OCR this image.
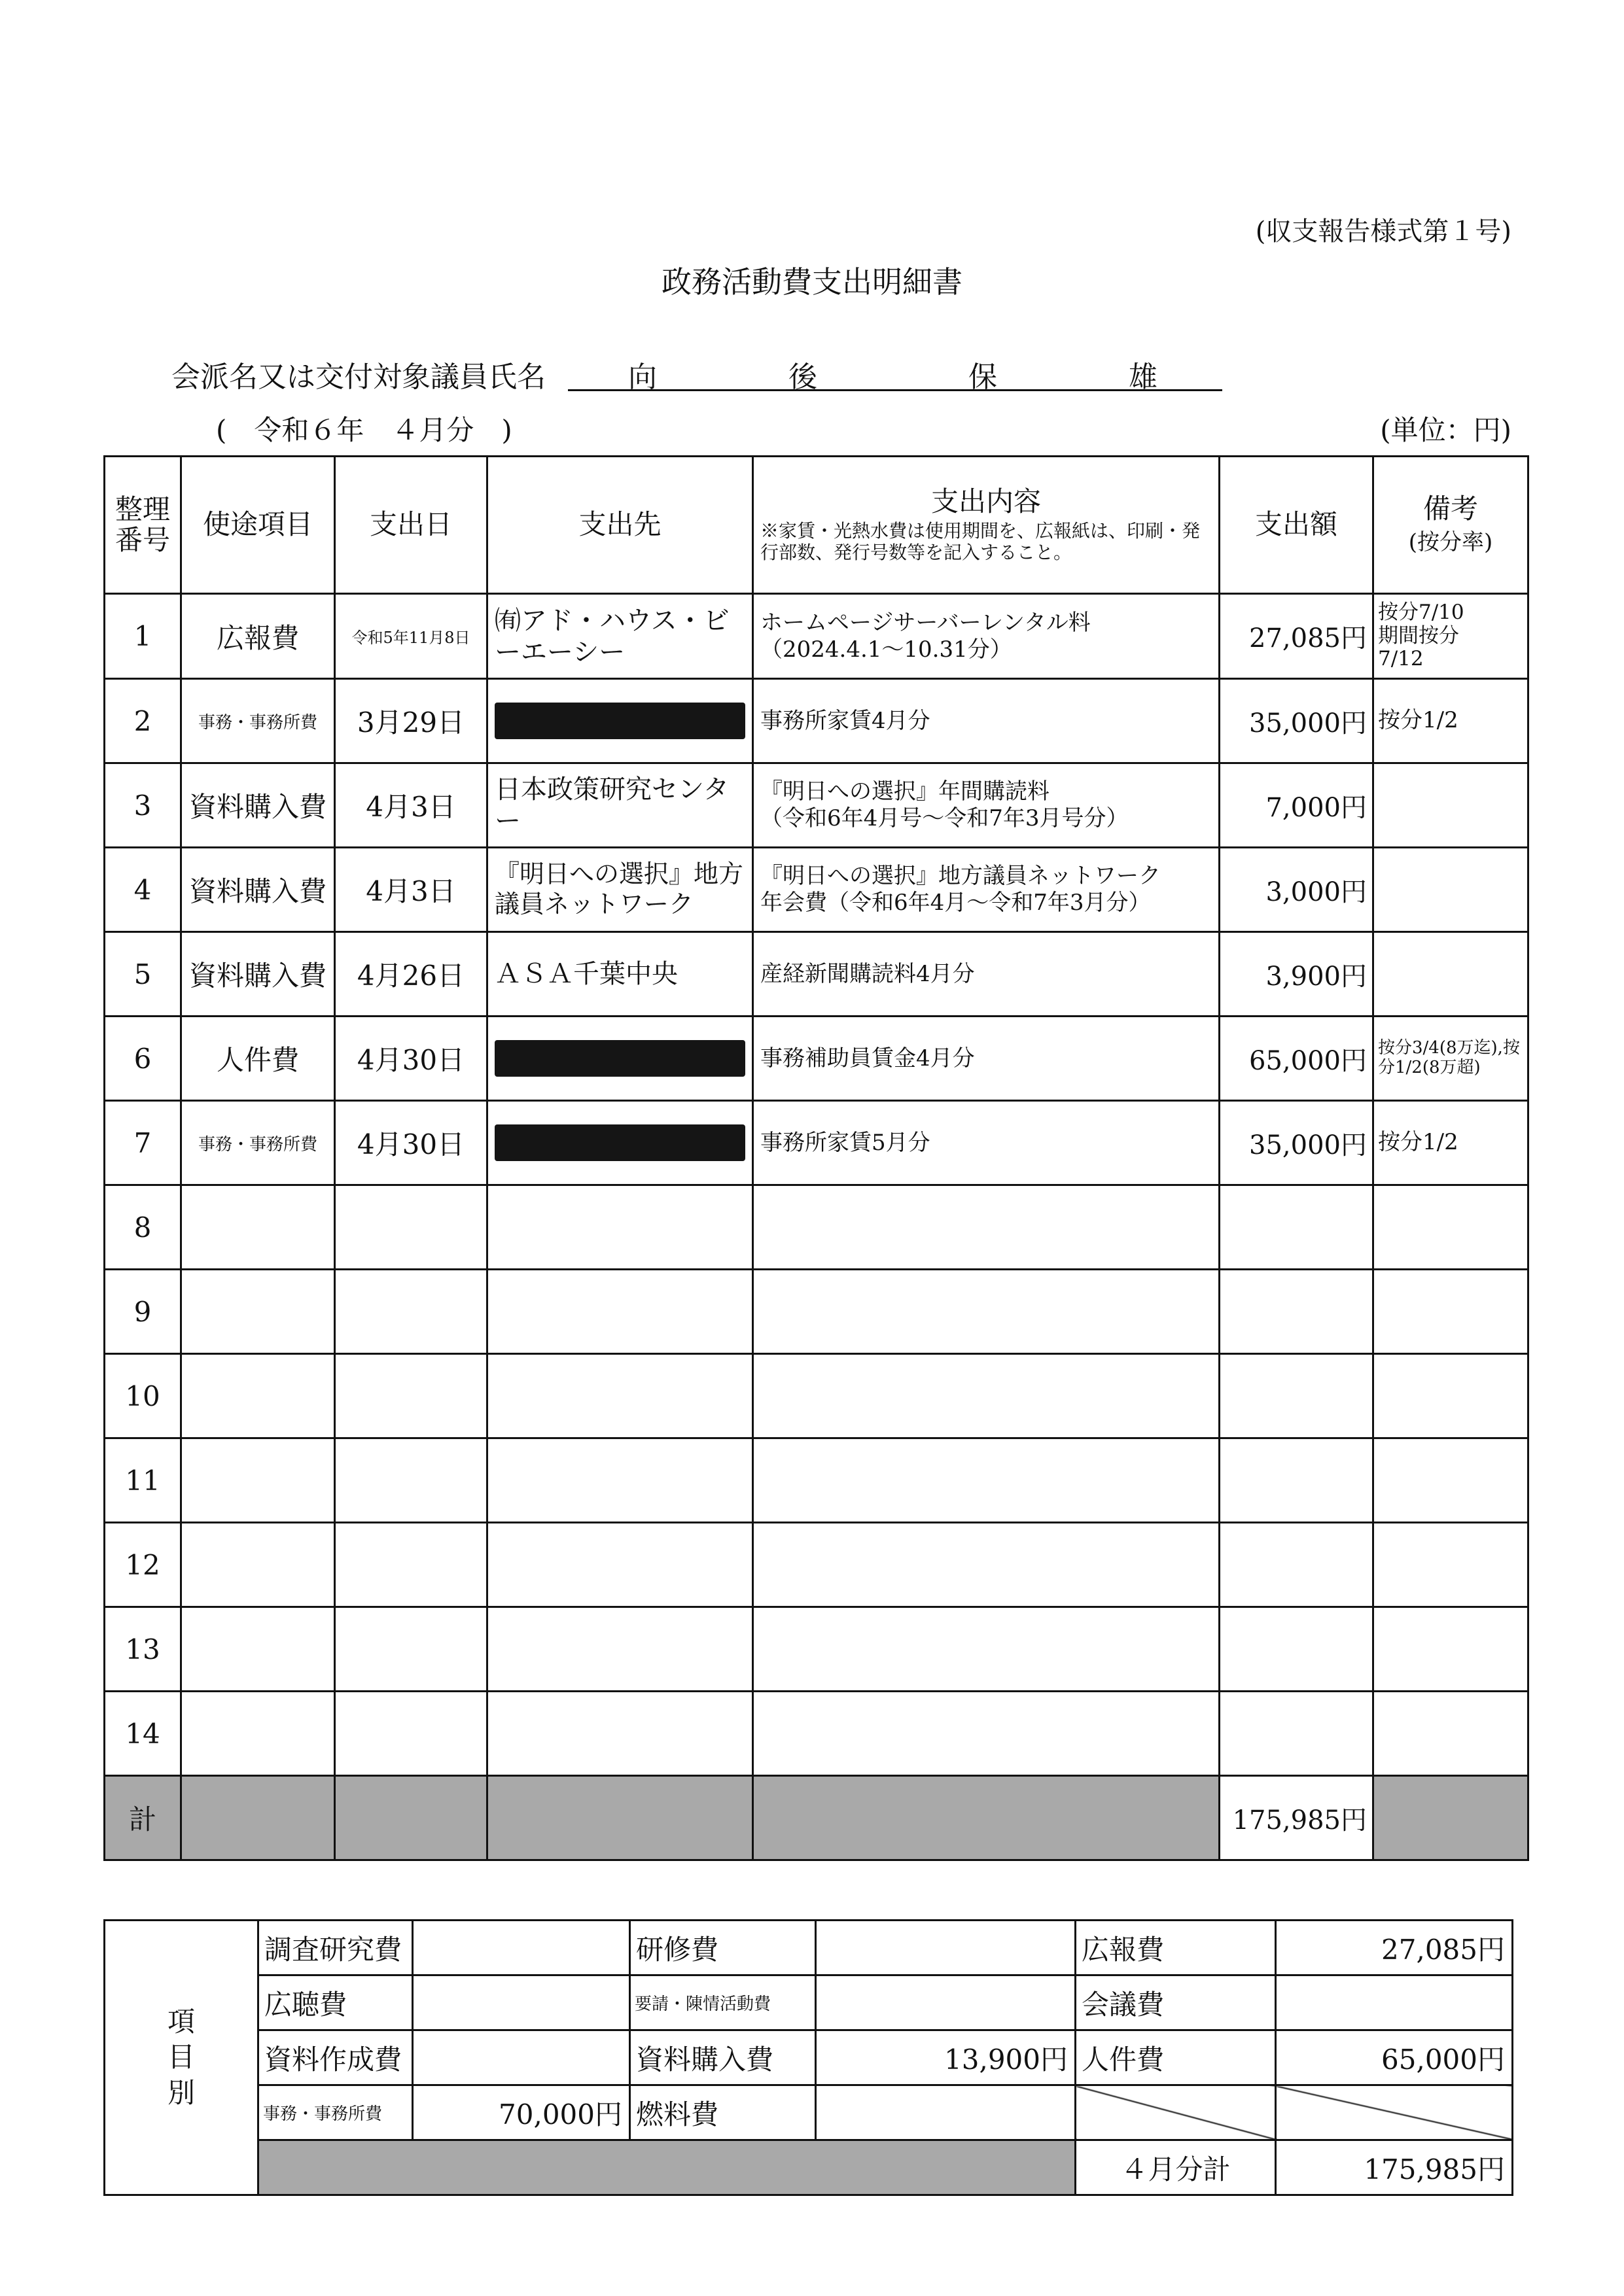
(収支報告様式第１号)
政務活動費支出明細書
会派名又は交付対象議員氏名	向	後	保	雄
(　令和６年　４月分　)	(単位：円)
整理
番号	使途項目	支出日	支出先	支出内容
※家賃・光熱水費は使用期間を、広報紙は、印刷・発行部数、発行号数等を記入すること。	支出額	備考
(按分率)

1	広報費	令和5年11月8日	㈲アド・ハウス・ビーエーシー	ホームページサーバーレンタル料
（2024.4.1～10.31分）	27,085円	按分7/10
期間按分
7/12
2	事務・事務所費	3月29日		事務所家賃4月分	35,000円	按分1/2
3	資料購入費	4月3日	日本政策研究センター	『明日への選択』年間購読料
（令和6年4月号～令和7年3月号分）	7,000円	
4	資料購入費	4月3日	『明日への選択』地方議員ネットワーク	『明日への選択』地方議員ネットワーク
年会費（令和6年4月～令和7年3月分）	3,000円	
5	資料購入費	4月26日	ＡＳＡ千葉中央	産経新聞購読料4月分	3,900円	
6	人件費	4月30日		事務補助員賃金4月分	65,000円	按分3/4(8万迄),按分1/2(8万超)
7	事務・事務所費	4月30日		事務所家賃5月分	35,000円	按分1/2
8						
9						
10						
11						
12						
13						
14						
計					175,985円	
項
目
別	調査研究費		研修費		広報費	27,085円
	広聴費		要請・陳情活動費		会議費	
	資料作成費		資料購入費	13,900円	人件費	65,000円
	事務・事務所費	70,000円	燃料費			
					４月分計	175,985円
